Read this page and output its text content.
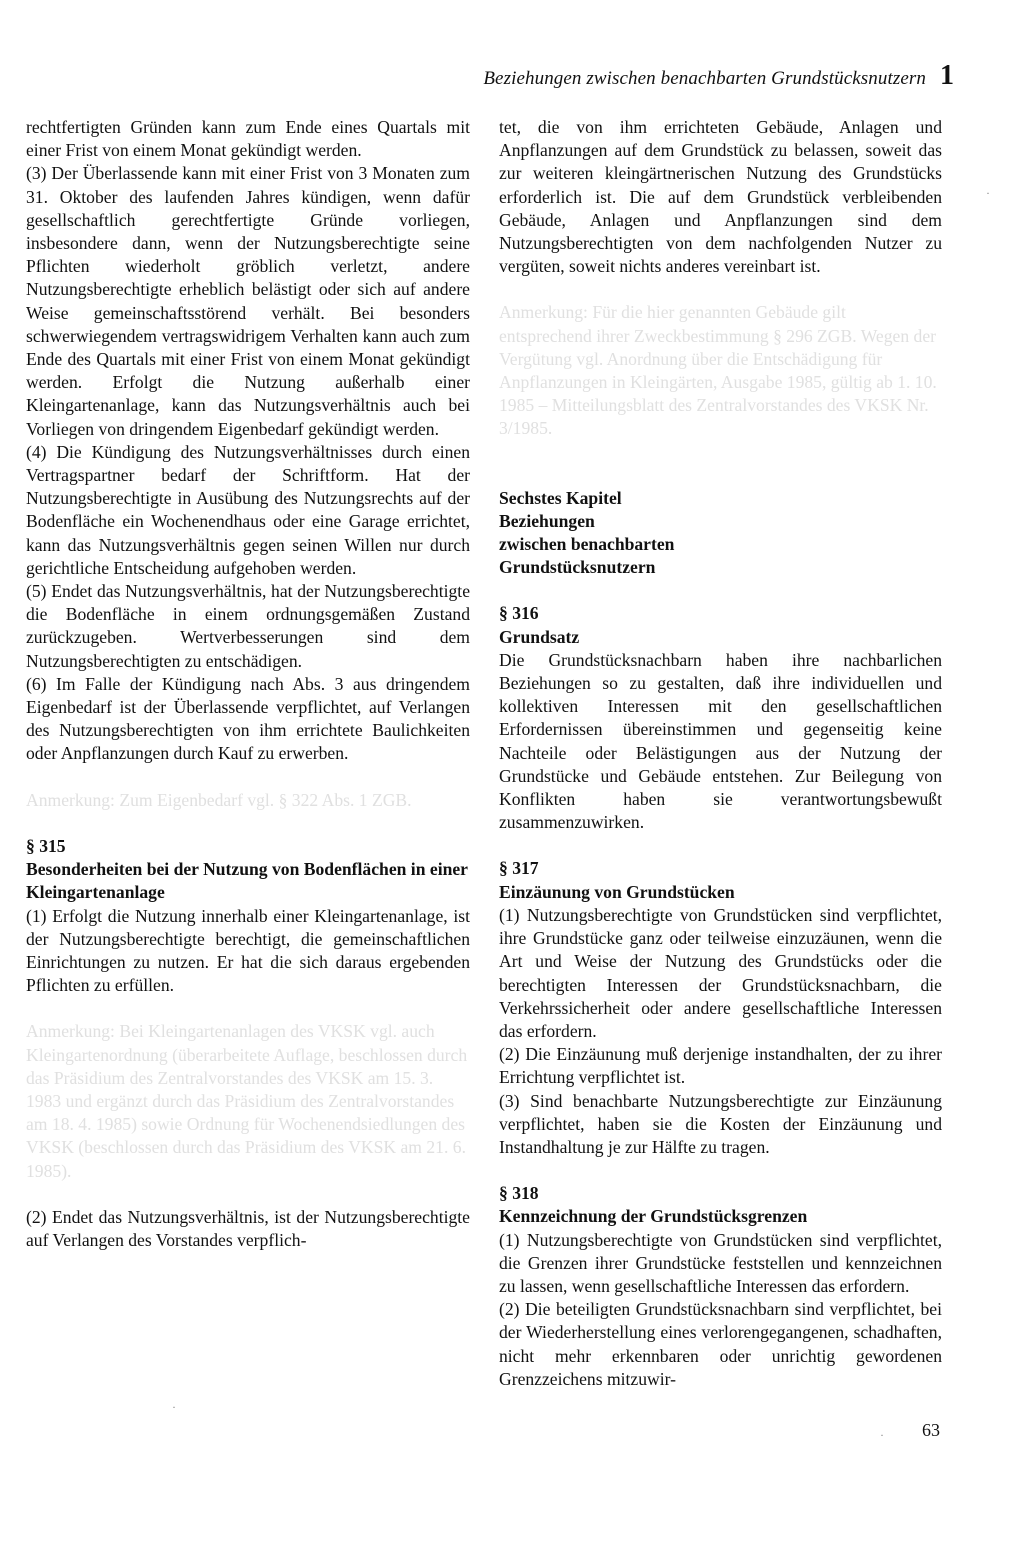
Beziehungen zwischen benachbarten Grundstücksnutzern 1

rechtfertigten Gründen kann zum Ende eines Quartals mit einer Frist von einem Monat gekündigt werden.

(3) Der Überlassende kann mit einer Frist von 3 Monaten zum 31. Oktober des laufenden Jahres kündigen, wenn dafür gesellschaftlich gerechtfertigte Gründe vorliegen, insbesondere dann, wenn der Nutzungsberechtigte seine Pflichten wiederholt gröblich verletzt, andere Nutzungsberechtigte erheblich belästigt oder sich auf andere Weise gemeinschaftsstörend verhält. Bei besonders schwerwiegendem vertragswidrigem Verhalten kann auch zum Ende des Quartals mit einer Frist von einem Monat gekündigt werden. Erfolgt die Nutzung außerhalb einer Kleingartenanlage, kann das Nutzungsverhältnis auch bei Vorliegen von dringendem Eigenbedarf gekündigt werden.

(4) Die Kündigung des Nutzungsverhältnisses durch einen Vertragspartner bedarf der Schriftform. Hat der Nutzungsberechtigte in Ausübung des Nutzungsrechts auf der Bodenfläche ein Wochenendhaus oder eine Garage errichtet, kann das Nutzungsverhältnis gegen seinen Willen nur durch gerichtliche Entscheidung aufgehoben werden.

(5) Endet das Nutzungsverhältnis, hat der Nutzungsberechtigte die Bodenfläche in einem ordnungsgemäßen Zustand zurückzugeben. Wertverbesserungen sind dem Nutzungsberechtigten zu entschädigen.

(6) Im Falle der Kündigung nach Abs. 3 aus dringendem Eigenbedarf ist der Überlassende verpflichtet, auf Verlangen des Nutzungsberechtigten von ihm errichtete Baulichkeiten oder Anpflanzungen durch Kauf zu erwerben.

Anmerkung: Zum Eigenbedarf vgl. § 322 Abs. 1 ZGB.

§ 315

Besonderheiten bei der Nutzung von Bodenflächen in einer Kleingartenanlage

(1) Erfolgt die Nutzung innerhalb einer Kleingartenanlage, ist der Nutzungsberechtigte berechtigt, die gemeinschaftlichen Einrichtungen zu nutzen. Er hat die sich daraus ergebenden Pflichten zu erfüllen.

Anmerkung: Bei Kleingartenanlagen des VKSK vgl. auch Kleingartenordnung (überarbeitete Auflage, beschlossen durch das Präsidium des Zentralvorstandes des VKSK am 15. 3. 1983 und ergänzt durch das Präsidium des Zentralvorstandes am 18. 4. 1985) sowie Ordnung für Wochenendsiedlungen des VKSK (beschlossen durch das Präsidium des VKSK am 21. 6. 1985).

(2) Endet das Nutzungsverhältnis, ist der Nutzungsberechtigte auf Verlangen des Vorstandes verpflich-

tet, die von ihm errichteten Gebäude, Anlagen und Anpflanzungen auf dem Grundstück zu belassen, soweit das zur weiteren kleingärtnerischen Nutzung des Grundstücks erforderlich ist. Die auf dem Grundstück verbleibenden Gebäude, Anlagen und Anpflanzungen sind dem Nutzungsberechtigten von dem nachfolgenden Nutzer zu vergüten, soweit nichts anderes vereinbart ist.

Anmerkung: Für die hier genannten Gebäude gilt entsprechend ihrer Zweckbestimmung § 296 ZGB. Wegen der Vergütung vgl. Anordnung über die Entschädigung für Anpflanzungen in Kleingärten, Ausgabe 1985, gültig ab 1. 10. 1985 – Mitteilungsblatt des Zentralvorstandes des VKSK Nr. 3/1985.

Sechstes Kapitel

Beziehungen

zwischen benachbarten

Grundstücksnutzern

§ 316

Grundsatz

Die Grundstücksnachbarn haben ihre nachbarlichen Beziehungen so zu gestalten, daß ihre individuellen und kollektiven Interessen mit den gesellschaftlichen Erfordernissen übereinstimmen und gegenseitig keine Nachteile oder Belästigungen aus der Nutzung der Grundstücke und Gebäude entstehen. Zur Beilegung von Konflikten haben sie verantwortungsbewußt zusammenzuwirken.

§ 317

Einzäunung von Grundstücken

(1) Nutzungsberechtigte von Grundstücken sind verpflichtet, ihre Grundstücke ganz oder teilweise einzuzäunen, wenn die Art und Weise der Nutzung des Grundstücks oder die berechtigten Interessen der Grundstücksnachbarn, die Verkehrssicherheit oder andere gesellschaftliche Interessen das erfordern.

(2) Die Einzäunung muß derjenige instandhalten, der zu ihrer Errichtung verpflichtet ist.

(3) Sind benachbarte Nutzungsberechtigte zur Einzäunung verpflichtet, haben sie die Kosten der Einzäunung und Instandhaltung je zur Hälfte zu tragen.

§ 318

Kennzeichnung der Grundstücksgrenzen

(1) Nutzungsberechtigte von Grundstücken sind verpflichtet, die Grenzen ihrer Grundstücke feststellen und kennzeichnen zu lassen, wenn gesellschaftliche Interessen das erfordern.

(2) Die beteiligten Grundstücksnachbarn sind verpflichtet, bei der Wiederherstellung eines verlorengegangenen, schadhaften, nicht mehr erkennbaren oder unrichtig gewordenen Grenzzeichens mitzuwir-

63
·
·
·
